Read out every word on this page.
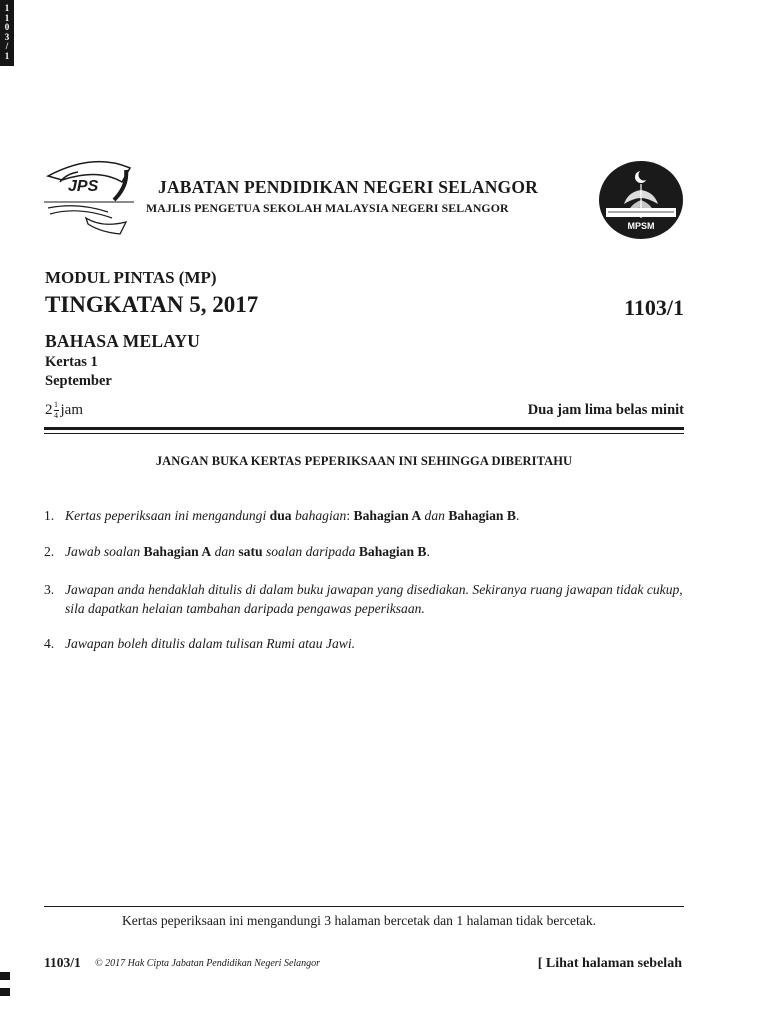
1
1
0
3
/
1
JPS	JABATAN PENDIDIKAN NEGERI SELANGOR
MAJLIS PENGETUA SEKOLAH MALAYSIA NEGERI SELANGOR
MPSM
MODUL PINTAS (MP)
TINGKATAN 5, 2017	1103/1
BAHASA MELAYU
Kertas 1
September
$2 \frac{1}{4}$ jam	Dua jam lima belas minit
JANGAN BUKA KERTAS PEPERIKSAAN INI SEHINGGA DIBERITAHU
1. Kertas peperiksaan ini mengandungi dua bahagian: Bahagian A dan Bahagian B.
2. Jawab soalan Bahagian A dan satu soalan daripada Bahagian B.
3. Jawapan anda hendaklah ditulis di dalam buku jawapan yang disediakan. Sekiranya ruang jawapan tidak cukup, sila dapatkan helaian tambahan daripada pengawas peperiksaan.
4. Jawapan boleh ditulis dalam tulisan Rumi atau Jawi.
Kertas peperiksaan ini mengandungi 3 halaman bercetak dan 1 halaman tidak bercetak.
1103/1 © 2017 Hak Cipta Jabatan Pendidikan Negeri Selangor	[ Lihat halaman sebelah
